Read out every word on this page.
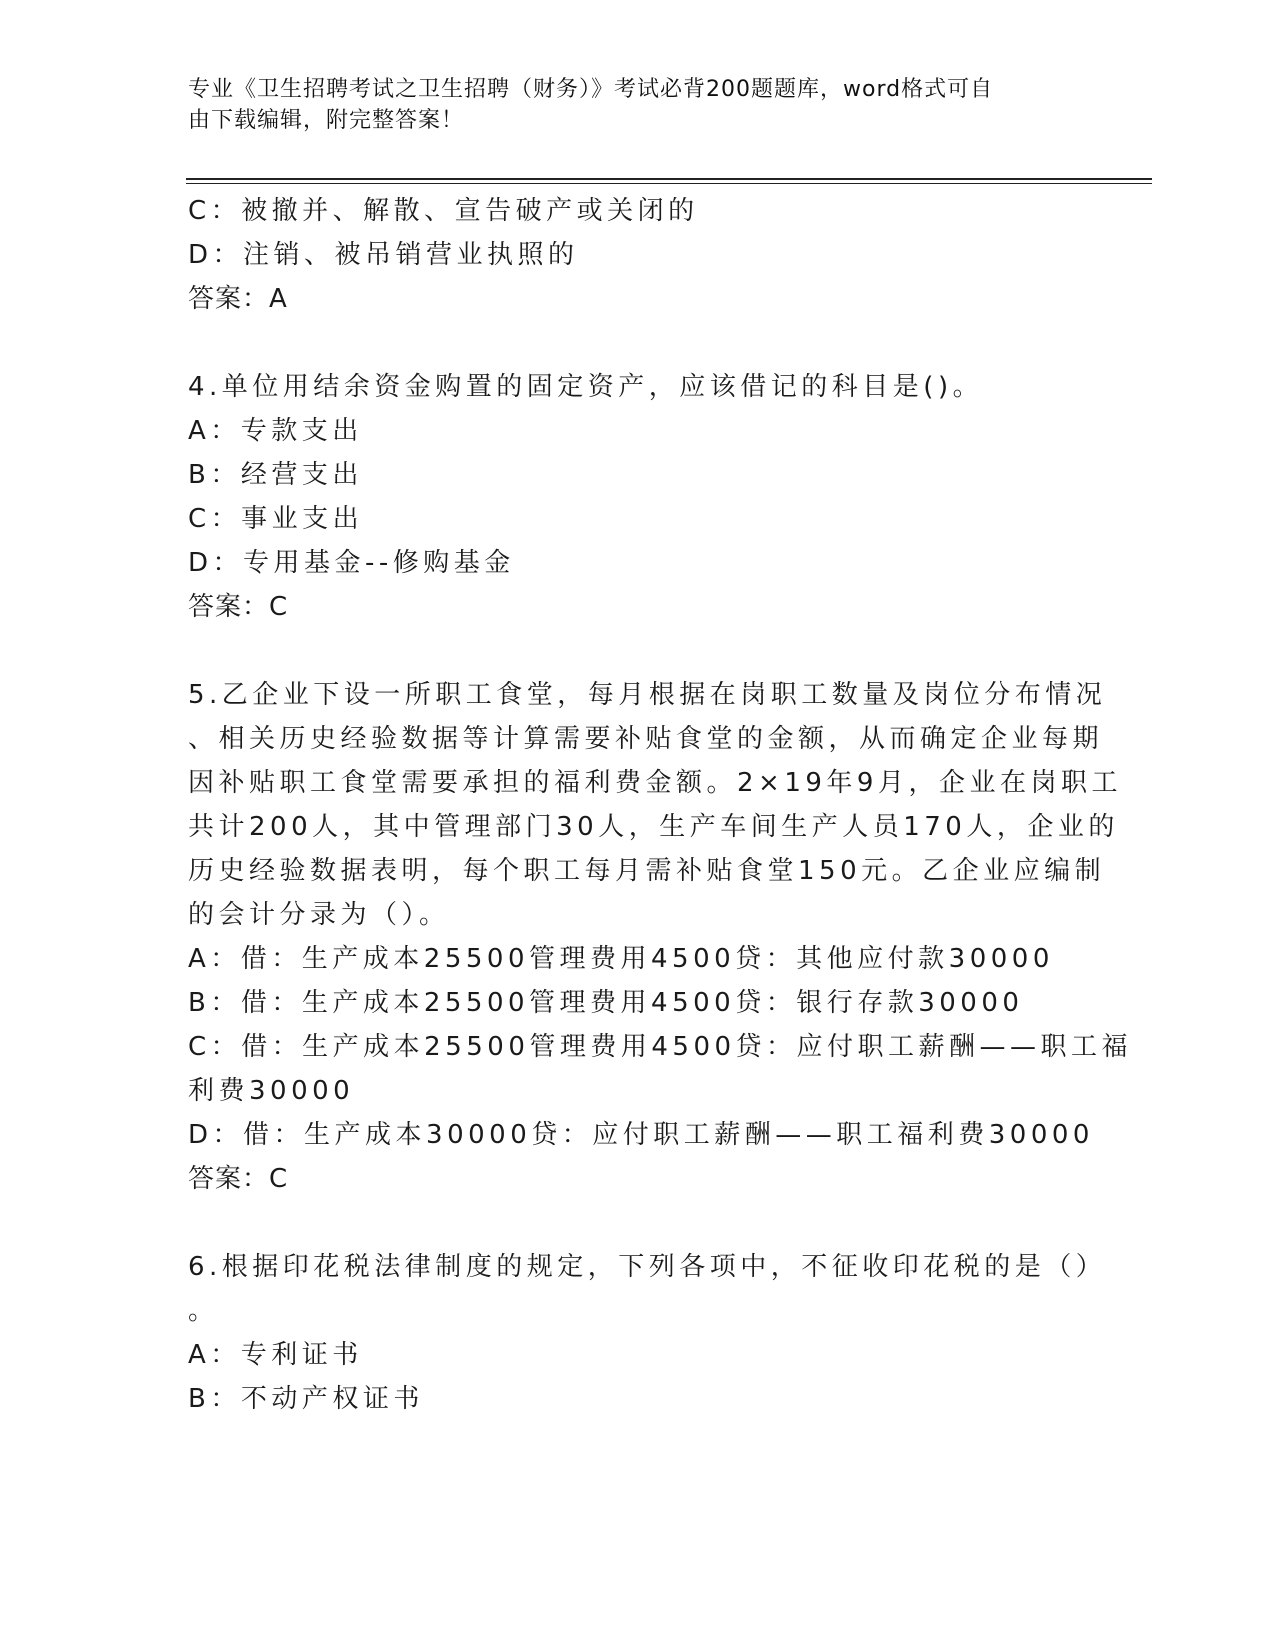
专业《卫生招聘考试之卫生招聘（财务）》考试必背200题题库，word格式可自
由下载编辑，附完整答案！
C：被撤并、解散、宣告破产或关闭的
D：注销、被吊销营业执照的
答案：A
4.单位用结余资金购置的固定资产，应该借记的科目是()。
A：专款支出
B：经营支出
C：事业支出
D：专用基金--修购基金
答案：C
5.乙企业下设一所职工食堂，每月根据在岗职工数量及岗位分布情况
、相关历史经验数据等计算需要补贴食堂的金额，从而确定企业每期
因补贴职工食堂需要承担的福利费金额。2×19年9月，企业在岗职工
共计200人，其中管理部门30人，生产车间生产人员170人，企业的
历史经验数据表明，每个职工每月需补贴食堂150元。乙企业应编制
的会计分录为（）。
A：借：生产成本25500管理费用4500贷：其他应付款30000
B：借：生产成本25500管理费用4500贷：银行存款30000
C：借：生产成本25500管理费用4500贷：应付职工薪酬——职工福
利费30000
D：借：生产成本30000贷：应付职工薪酬——职工福利费30000
答案：C
6.根据印花税法律制度的规定，下列各项中，不征收印花税的是（）
。
A：专利证书
B：不动产权证书
